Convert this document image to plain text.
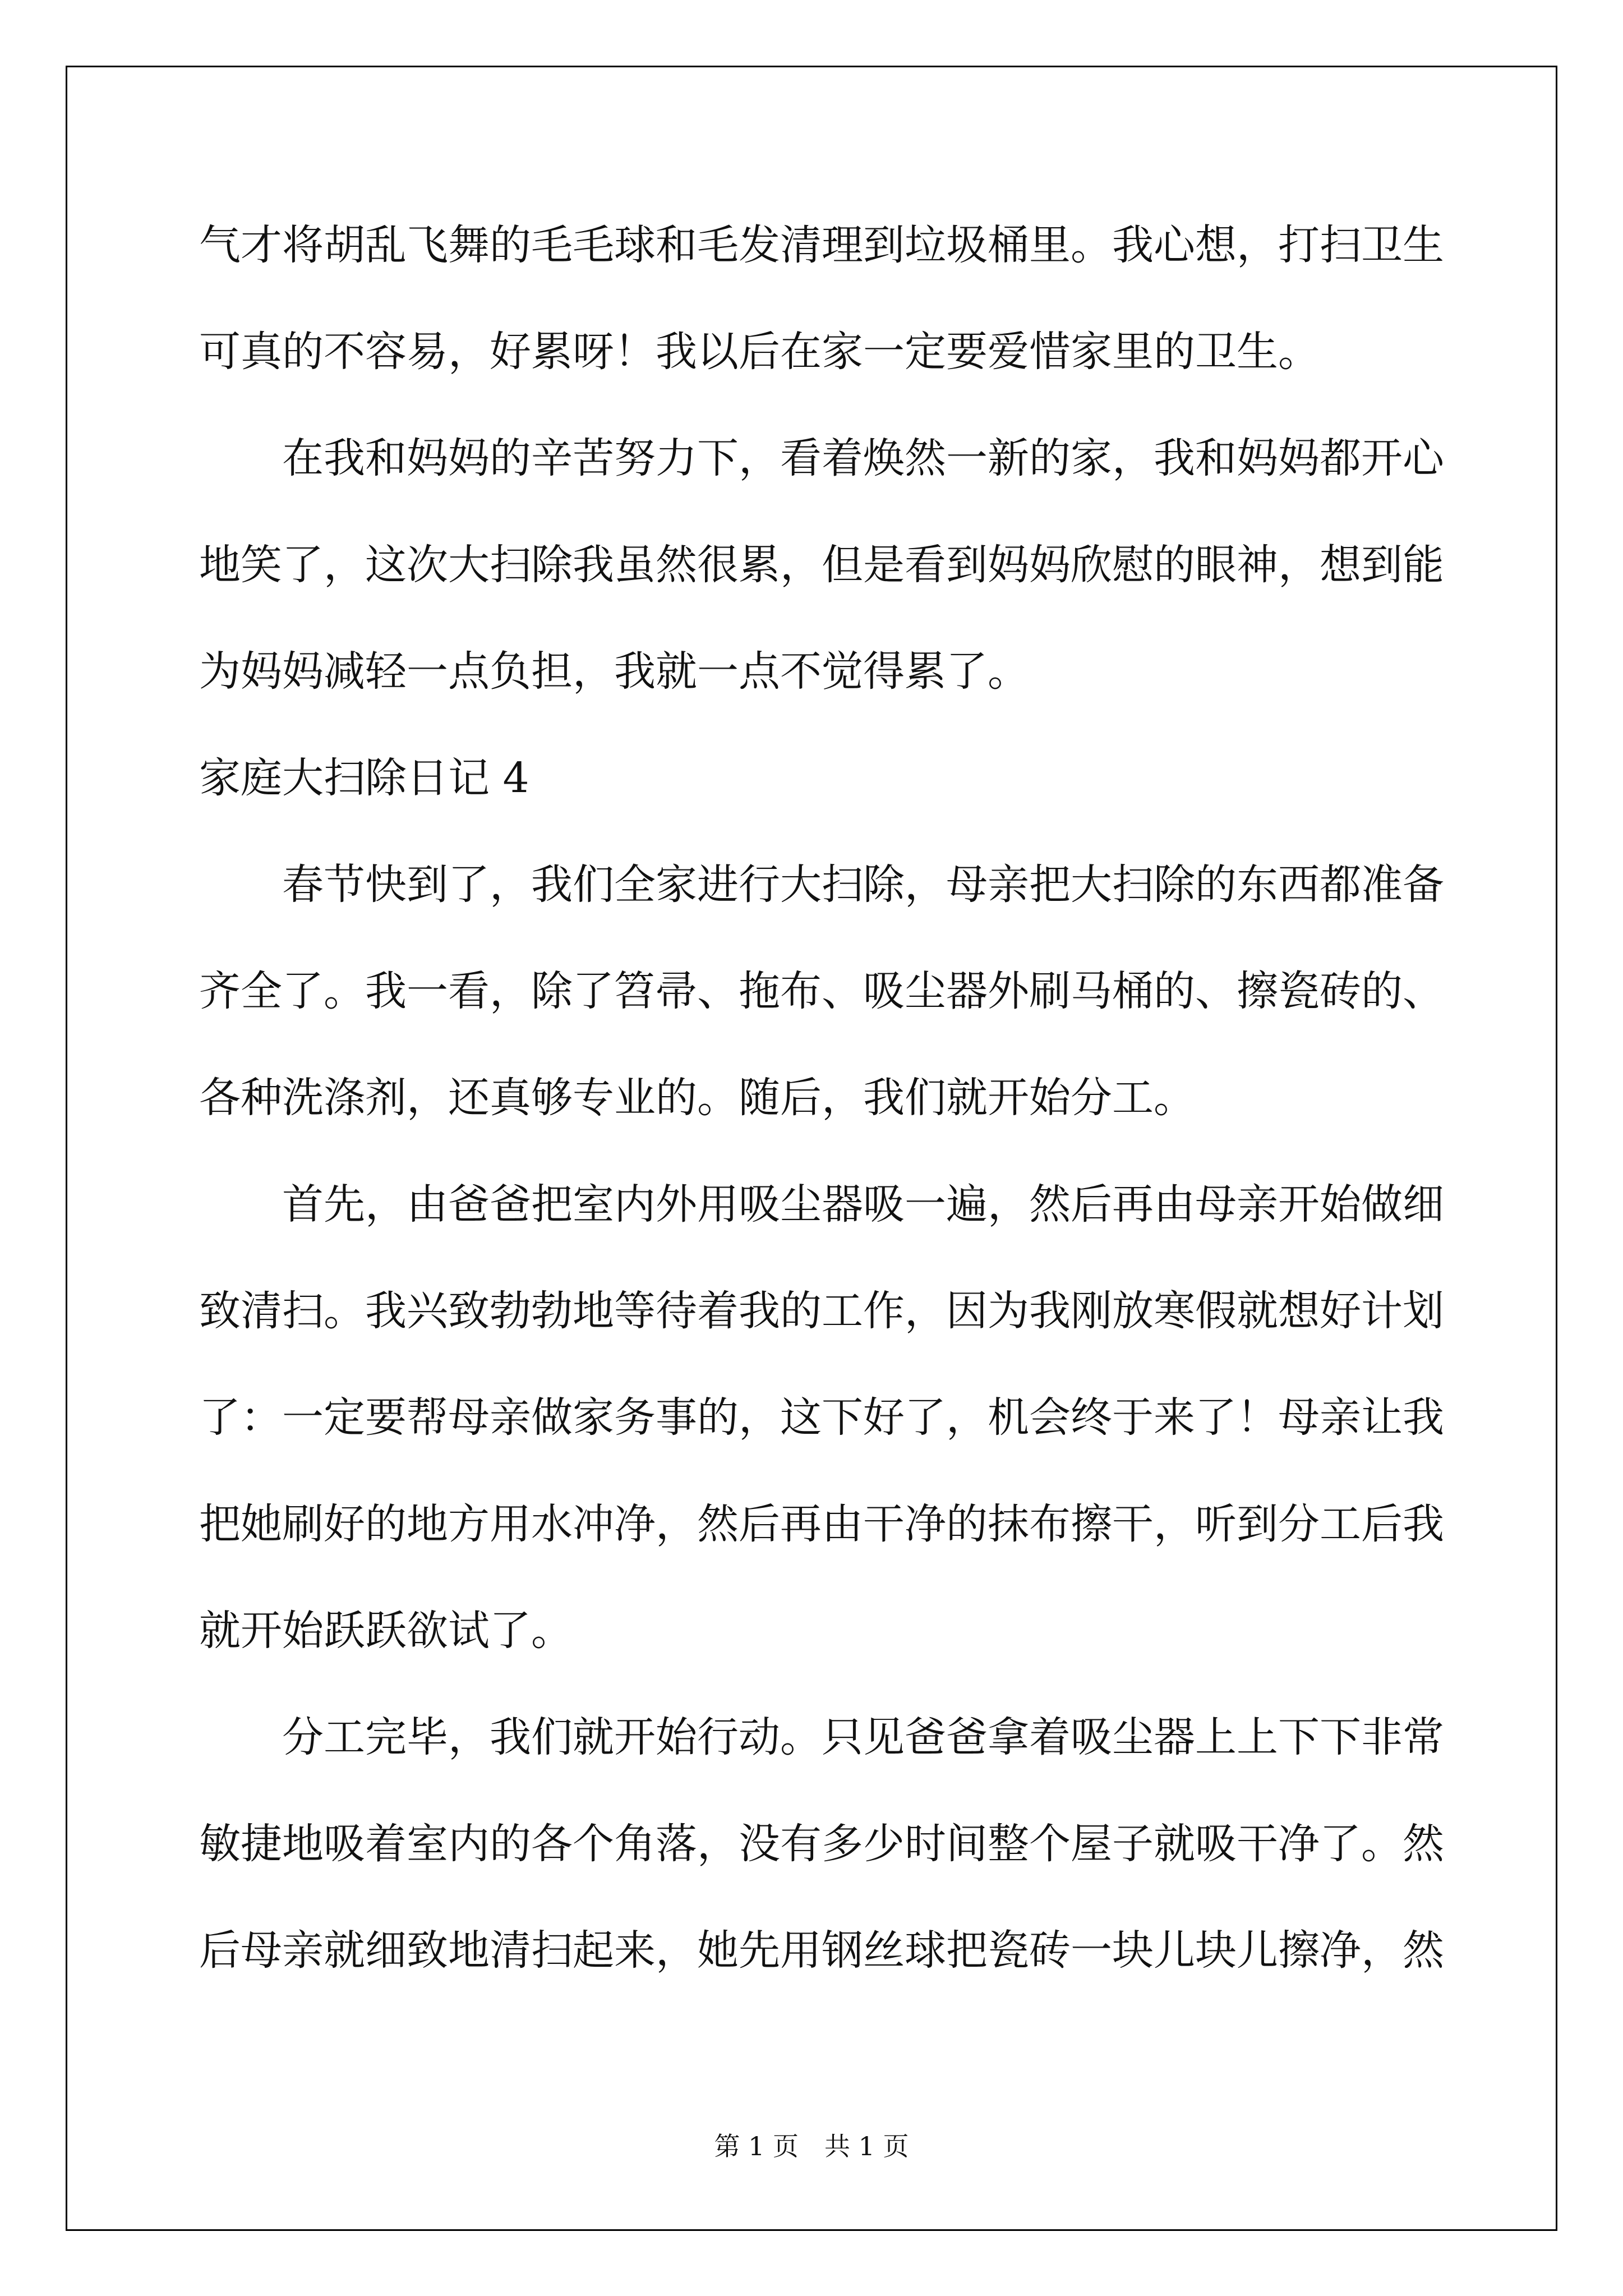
气才将胡乱飞舞的毛毛球和毛发清理到垃圾桶里。我心想，打扫卫生
可真的不容易，好累呀！我以后在家一定要爱惜家里的卫生。
在我和妈妈的辛苦努力下，看着焕然一新的家，我和妈妈都开心
地笑了，这次大扫除我虽然很累，但是看到妈妈欣慰的眼神，想到能
为妈妈减轻一点负担，我就一点不觉得累了。
家庭大扫除日记 4
春节快到了，我们全家进行大扫除，母亲把大扫除的东西都准备
齐全了。我一看，除了笤帚、拖布、吸尘器外刷马桶的、擦瓷砖的、
各种洗涤剂，还真够专业的。随后，我们就开始分工。
首先，由爸爸把室内外用吸尘器吸一遍，然后再由母亲开始做细
致清扫。我兴致勃勃地等待着我的工作，因为我刚放寒假就想好计划
了：一定要帮母亲做家务事的，这下好了，机会终于来了！母亲让我
把她刷好的地方用水冲净，然后再由干净的抹布擦干，听到分工后我
就开始跃跃欲试了。
分工完毕，我们就开始行动。只见爸爸拿着吸尘器上上下下非常
敏捷地吸着室内的各个角落，没有多少时间整个屋子就吸干净了。然
后母亲就细致地清扫起来，她先用钢丝球把瓷砖一块儿块儿擦净，然
第 1 页　共 1 页
